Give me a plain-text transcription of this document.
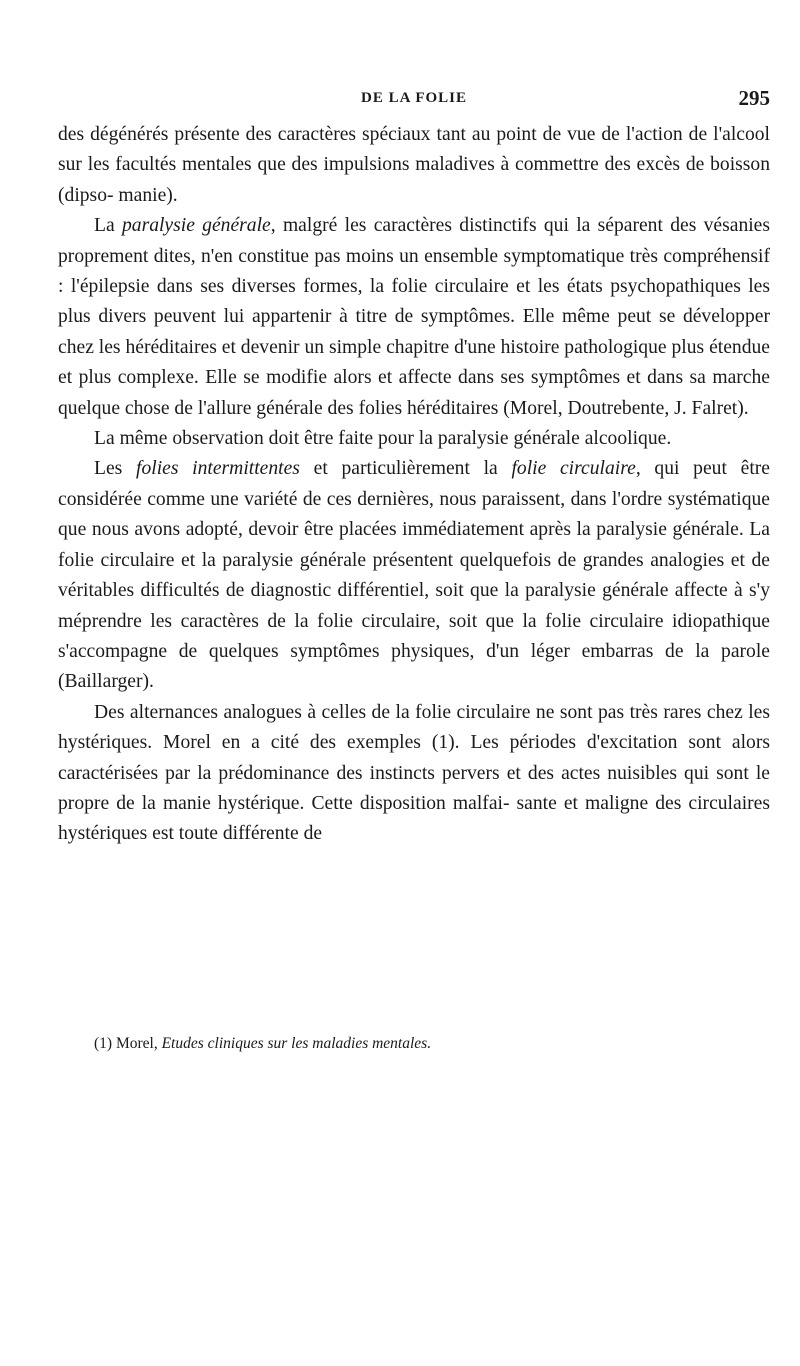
DE LA FOLIE	295

des dégénérés présente des caractères spéciaux tant au point de vue de l'action de l'alcool sur les facultés mentales que des impulsions maladives à commettre des excès de boisson (dipso- manie).

La paralysie générale, malgré les caractères distinctifs qui la séparent des vésanies proprement dites, n'en constitue pas moins un ensemble symptomatique très compréhensif : l'épilepsie dans ses diverses formes, la folie circulaire et les états psychopathiques les plus divers peuvent lui appartenir à titre de symptômes. Elle même peut se développer chez les héréditaires et devenir un simple chapitre d'une histoire pathologique plus étendue et plus complexe. Elle se modifie alors et affecte dans ses symptômes et dans sa marche quelque chose de l'allure générale des folies héréditaires (Morel, Doutrebente, J. Falret).

La même observation doit être faite pour la paralysie générale alcoolique.

Les folies intermittentes et particulièrement la folie circulaire, qui peut être considérée comme une variété de ces dernières, nous paraissent, dans l'ordre systématique que nous avons adopté, devoir être placées immédiatement après la paralysie générale. La folie circulaire et la paralysie générale présentent quelquefois de grandes analogies et de véritables difficultés de diagnostic différentiel, soit que la paralysie générale affecte à s'y méprendre les caractères de la folie circulaire, soit que la folie circulaire idiopathique s'accompagne de quelques symptômes physiques, d'un léger embarras de la parole (Baillarger).

Des alternances analogues à celles de la folie circulaire ne sont pas très rares chez les hystériques. Morel en a cité des exemples (1). Les périodes d'excitation sont alors caractérisées par la prédominance des instincts pervers et des actes nuisibles qui sont le propre de la manie hystérique. Cette disposition malfai- sante et maligne des circulaires hystériques est toute différente de

(1) Morel, Etudes cliniques sur les maladies mentales.
